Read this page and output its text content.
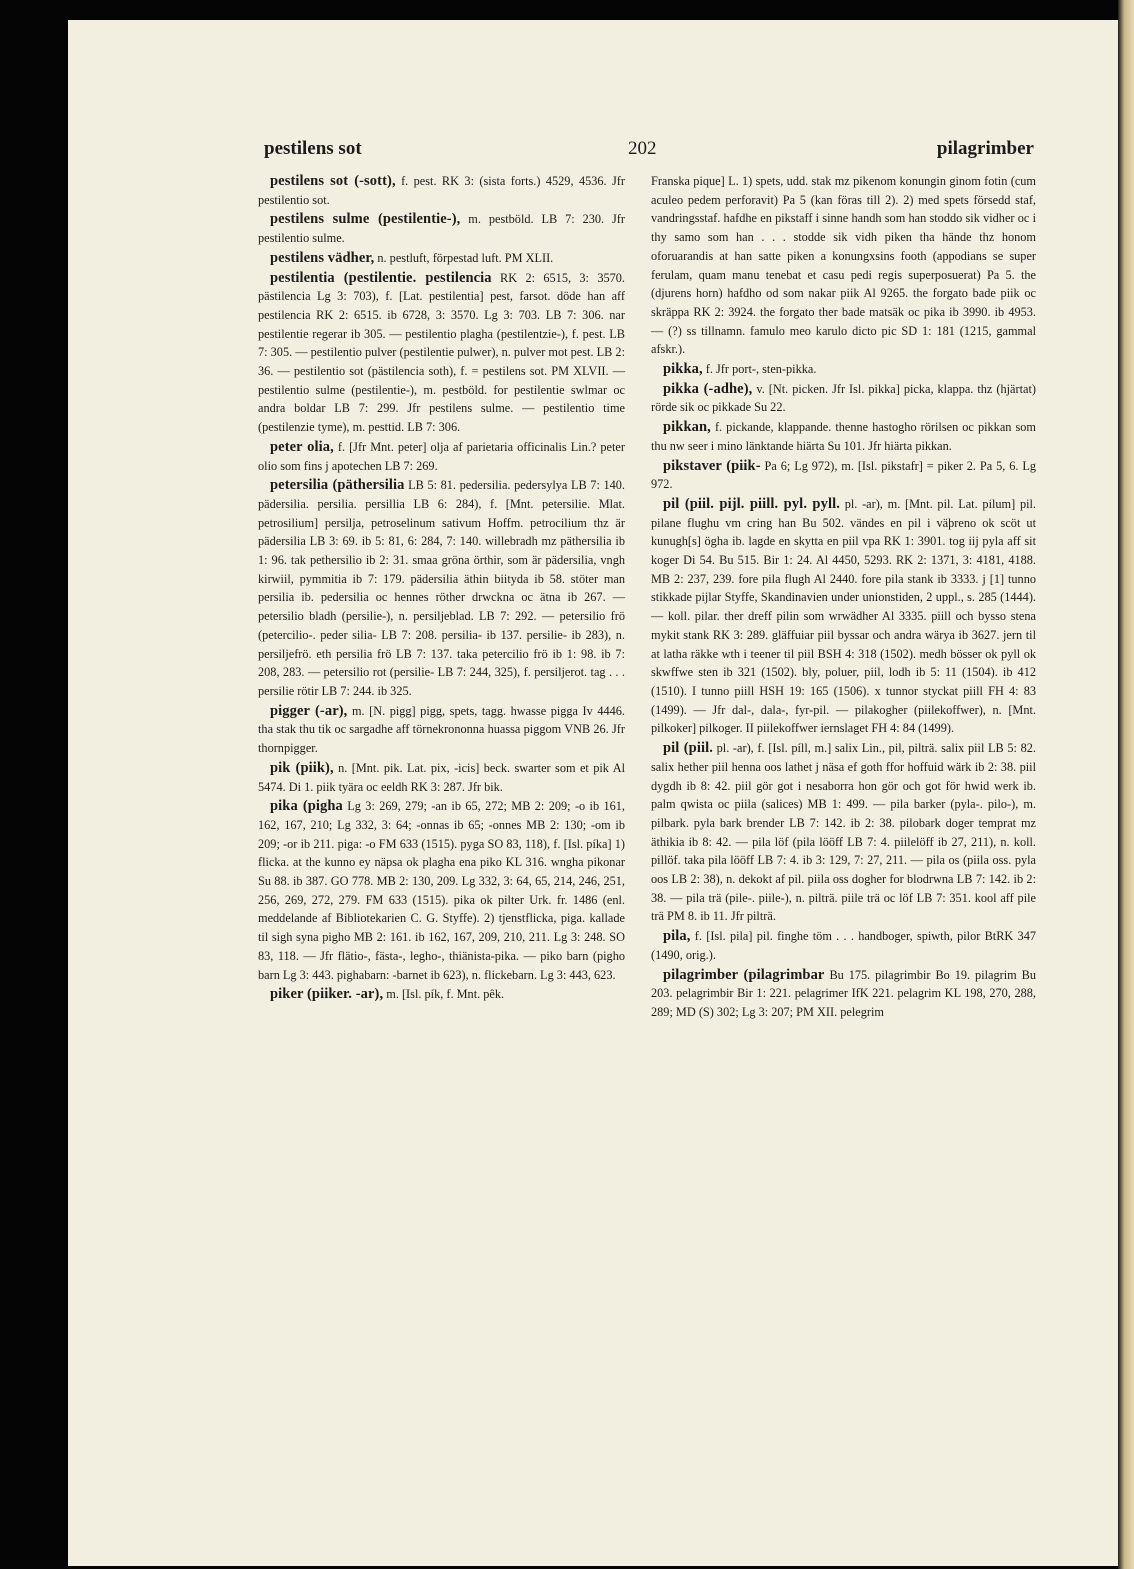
pestilens sot	202	pilagrimber

pestilens sot (-sott), f. pest. RK 3: (sista forts.) 4529, 4536. Jfr pestilentio sot.

pestilens sulme (pestilentie-), m. pestböld. LB 7: 230. Jfr pestilentio sulme.

pestilens vädher, n. pestluft, förpestad luft. PM XLII.

pestilentia (pestilentie. pestilencia RK 2: 6515, 3: 3570. pästilencia Lg 3: 703), f. [Lat. pestilentia] pest, farsot. döde han aff pestilencia RK 2: 6515. ib 6728, 3: 3570. Lg 3: 703. LB 7: 306. nar pestilentie regerar ib 305. — pestilentio plagha (pestilentzie-), f. pest. LB 7: 305. — pestilentio pulver (pestilentie pulwer), n. pulver mot pest. LB 2: 36. — pestilentio sot (pästilencia soth), f. = pestilens sot. PM XLVII. — pestilentio sulme (pestilentie-), m. pestböld. for pestilentie swlmar oc andra boldar LB 7: 299. Jfr pestilens sulme. — pestilentio time (pestilenzie tyme), m. pesttid. LB 7: 306.

peter olia, f. [Jfr Mnt. peter] olja af parietaria officinalis Lin.? peter olio som fins j apotechen LB 7: 269.

petersilia (päthersilia LB 5: 81. pedersilia. pedersylya LB 7: 140. pädersilia. persilia. persillia LB 6: 284), f. [Mnt. petersilie. Mlat. petrosilium] persilja, petroselinum sativum Hoffm. petrocilium thz är pädersilia LB 3: 69. ib 5: 81, 6: 284, 7: 140. willebradh mz päthersilia ib 1: 96. tak pethersilio ib 2: 31. smaa gröna örthir, som är pädersilia, vngh kirwiil, pymmitia ib 7: 179. pädersilia äthin biityda ib 58. stöter man persilia ib. pedersilia oc hennes röther drwckna oc ätna ib 267. — petersilio bladh (persilie-), n. persiljeblad. LB 7: 292. — petersilio frö (petercilio-. peder silia- LB 7: 208. persilia- ib 137. persilie- ib 283), n. persiljefrö. eth persilia frö LB 7: 137. taka petercilio frö ib 1: 98. ib 7: 208, 283. — petersilio rot (persilie- LB 7: 244, 325), f. persiljerot. tag . . . persilie rötir LB 7: 244. ib 325.

pigger (-ar), m. [N. pigg] pigg, spets, tagg. hwasse pigga Iv 4446. tha stak thu tik oc sargadhe aff törnekrononna huassa piggom VNB 26. Jfr thornpigger.

pik (piik), n. [Mnt. pik. Lat. pix, -icis] beck. swarter som et pik Al 5474. Di 1. piik tyära oc eeldh RK 3: 287. Jfr bik.

pika (pigha Lg 3: 269, 279; -an ib 65, 272; MB 2: 209; -o ib 161, 162, 167, 210; Lg 332, 3: 64; -onnas ib 65; -onnes MB 2: 130; -om ib 209; -or ib 211. piga: -o FM 633 (1515). pyga SO 83, 118), f. [Isl. píka] 1) flicka. at the kunno ey näpsa ok plagha ena piko KL 316. wngha pikonar Su 88. ib 387. GO 778. MB 2: 130, 209. Lg 332, 3: 64, 65, 214, 246, 251, 256, 269, 272, 279. FM 633 (1515). pika ok pilter Urk. fr. 1486 (enl. meddelande af Bibliotekarien C. G. Styffe). 2) tjenstflicka, piga. kallade til sigh syna pigho MB 2: 161. ib 162, 167, 209, 210, 211. Lg 3: 248. SO 83, 118. — Jfr flätio-, fästa-, legho-, thiänista-pika. — piko barn (pigho barn Lg 3: 443. pighabarn: -barnet ib 623), n. flickebarn. Lg 3: 443, 623.

piker (piiker. -ar), m. [Isl. pík, f. Mnt. pêk.

Franska pique] L. 1) spets, udd. stak mz pikenom konungin ginom fotin (cum aculeo pedem perforavit) Pa 5 (kan föras till 2). 2) med spets försedd staf, vandringsstaf. hafdhe en pikstaff i sinne handh som han stoddo sik vidher oc i thy samo som han . . . stodde sik vidh piken tha hände thz honom oforuarandis at han satte piken a konungxsins footh (appodians se super ferulam, quam manu tenebat et casu pedi regis superposuerat) Pa 5. the (djurens horn) hafdho od som nakar piik Al 9265. the forgato bade piik oc skräppa RK 2: 3924. the forgato ther bade matsäk oc pika ib 3990. ib 4953. — (?) ss tillnamn. famulo meo karulo dicto pic SD 1: 181 (1215, gammal afskr.).

pikka, f. Jfr port-, sten-pikka.

pikka (-adhe), v. [Nt. picken. Jfr Isl. pikka] picka, klappa. thz (hjärtat) rörde sik oc pikkade Su 22.

pikkan, f. pickande, klappande. thenne hastogho rörilsen oc pikkan som thu nw seer i mino länktande hiärta Su 101. Jfr hiärta pikkan.

pikstaver (piik- Pa 6; Lg 972), m. [Isl. pikstafr] = piker 2. Pa 5, 6. Lg 972.

pil (piil. pijl. piill. pyl. pyll. pl. -ar), m. [Mnt. pil. Lat. pilum] pil. pilane flughu vm cring han Bu 502. vändes en pil i väþreno ok scöt ut kunugh[s] ögha ib. lagde en skytta en piil vpa RK 1: 3901. tog iij pyla aff sit koger Di 54. Bu 515. Bir 1: 24. Al 4450, 5293. RK 2: 1371, 3: 4181, 4188. MB 2: 237, 239. fore pila flugh Al 2440. fore pila stank ib 3333. j [1] tunno stikkade pijlar Styffe, Skandinavien under unionstiden, 2 uppl., s. 285 (1444). — koll. pilar. ther dreff pilin som wrwädher Al 3335. piill och bysso stena mykit stank RK 3: 289. gläffuiar piil byssar och andra wärya ib 3627. jern til at latha räkke wth i teener til piil BSH 4: 318 (1502). medh bösser ok pyll ok skwffwe sten ib 321 (1502). bly, poluer, piil, lodh ib 5: 11 (1504). ib 412 (1510). I tunno piill HSH 19: 165 (1506). x tunnor styckat piill FH 4: 83 (1499). — Jfr dal-, dala-, fyr-pil. — pilakogher (piilekoffwer), n. [Mnt. pilkoker] pilkoger. II piilekoffwer iernslaget FH 4: 84 (1499).

pil (piil. pl. -ar), f. [Isl. píll, m.] salix Lin., pil, pilträ. salix piil LB 5: 82. salix hether piil henna oos lathet j näsa ef goth ffor hoffuid wärk ib 2: 38. piil dygdh ib 8: 42. piil gör got i nesaborra hon gör och got för hwid werk ib. palm qwista oc piila (salices) MB 1: 499. — pila barker (pyla-. pilo-), m. pilbark. pyla bark brender LB 7: 142. ib 2: 38. pilobark doger temprat mz äthikia ib 8: 42. — pila löf (pila lööff LB 7: 4. piilelöff ib 27, 211), n. koll. pillöf. taka pila lööff LB 7: 4. ib 3: 129, 7: 27, 211. — pila os (piila oss. pyla oos LB 2: 38), n. dekokt af pil. piila oss dogher for blodrwna LB 7: 142. ib 2: 38. — pila trä (pile-. piile-), n. pilträ. piile trä oc löf LB 7: 351. kool aff pile trä PM 8. ib 11. Jfr pilträ.

pila, f. [Isl. pila] pil. finghe töm . . . handboger, spiwth, pilor BtRK 347 (1490, orig.).

pilagrimber (pilagrimbar Bu 175. pilagrimbir Bo 19. pilagrim Bu 203. pelagrimbir Bir 1: 221. pelagrimer IfK 221. pelagrim KL 198, 270, 288, 289; MD (S) 302; Lg 3: 207; PM XII. pelegrim
